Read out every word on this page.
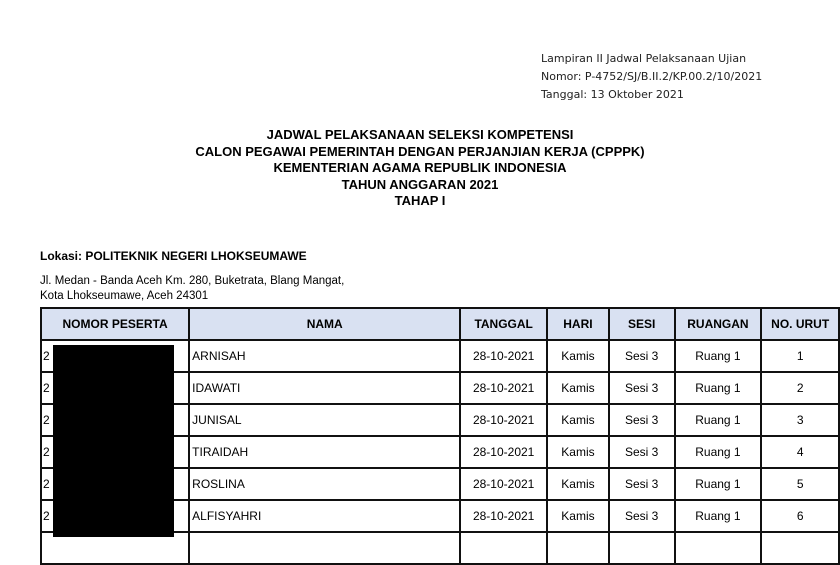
Lampiran II Jadwal Pelaksanaan Ujian
Nomor: P-4752/SJ/B.II.2/KP.00.2/10/2021
Tanggal: 13 Oktober 2021
JADWAL PELAKSANAAN SELEKSI KOMPETENSI
CALON PEGAWAI PEMERINTAH DENGAN PERJANJIAN KERJA (CPPPK)
KEMENTERIAN AGAMA REPUBLIK INDONESIA
TAHUN ANGGARAN 2021
TAHAP I
Lokasi: POLITEKNIK NEGERI LHOKSEUMAWE
Jl. Medan - Banda Aceh Km. 280, Buketrata, Blang Mangat,
Kota Lhokseumawe, Aceh 24301
NOMOR PESERTA	NAMA	TANGGAL	HARI	SESI	RUANGAN	NO. URUT
2	ARNISAH	28-10-2021	Kamis	Sesi 3	Ruang 1	1
2	IDAWATI	28-10-2021	Kamis	Sesi 3	Ruang 1	2
2	JUNISAL	28-10-2021	Kamis	Sesi 3	Ruang 1	3
2	TIRAIDAH	28-10-2021	Kamis	Sesi 3	Ruang 1	4
2	ROSLINA	28-10-2021	Kamis	Sesi 3	Ruang 1	5
2	ALFISYAHRI	28-10-2021	Kamis	Sesi 3	Ruang 1	6
